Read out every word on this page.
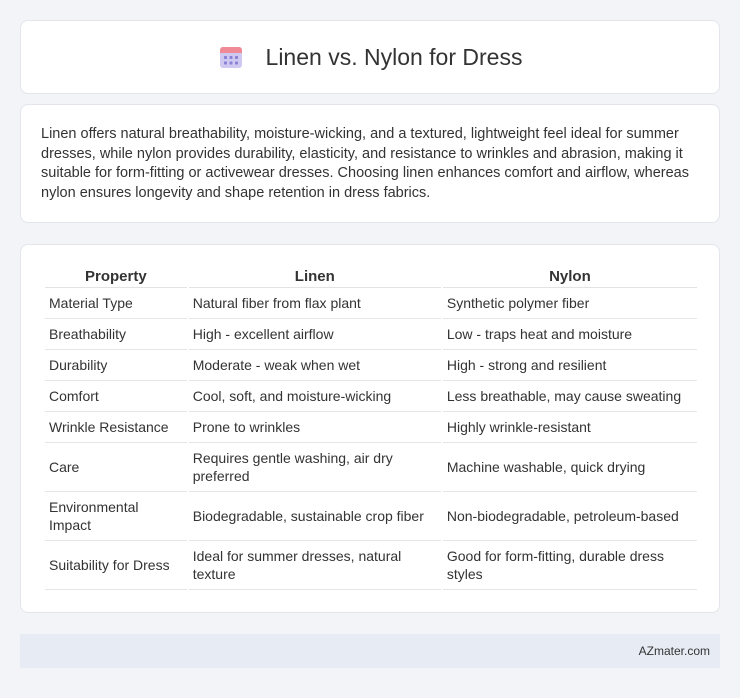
Linen vs. Nylon for Dress

Linen offers natural breathability, moisture-wicking, and a textured, lightweight feel ideal for summer dresses, while nylon provides durability, elasticity, and resistance to wrinkles and abrasion, making it suitable for form-fitting or activewear dresses. Choosing linen enhances comfort and airflow, whereas nylon ensures longevity and shape retention in dress fabrics.

Property	Linen	Nylon
Material Type	Natural fiber from flax plant	Synthetic polymer fiber
Breathability	High - excellent airflow	Low - traps heat and moisture
Durability	Moderate - weak when wet	High - strong and resilient
Comfort	Cool, soft, and moisture-wicking	Less breathable, may cause sweating
Wrinkle Resistance	Prone to wrinkles	Highly wrinkle-resistant
Care	Requires gentle washing, air dry preferred	Machine washable, quick drying
Environmental Impact	Biodegradable, sustainable crop fiber	Non-biodegradable, petroleum-based
Suitability for Dress	Ideal for summer dresses, natural texture	Good for form-fitting, durable dress styles
AZmater.com
